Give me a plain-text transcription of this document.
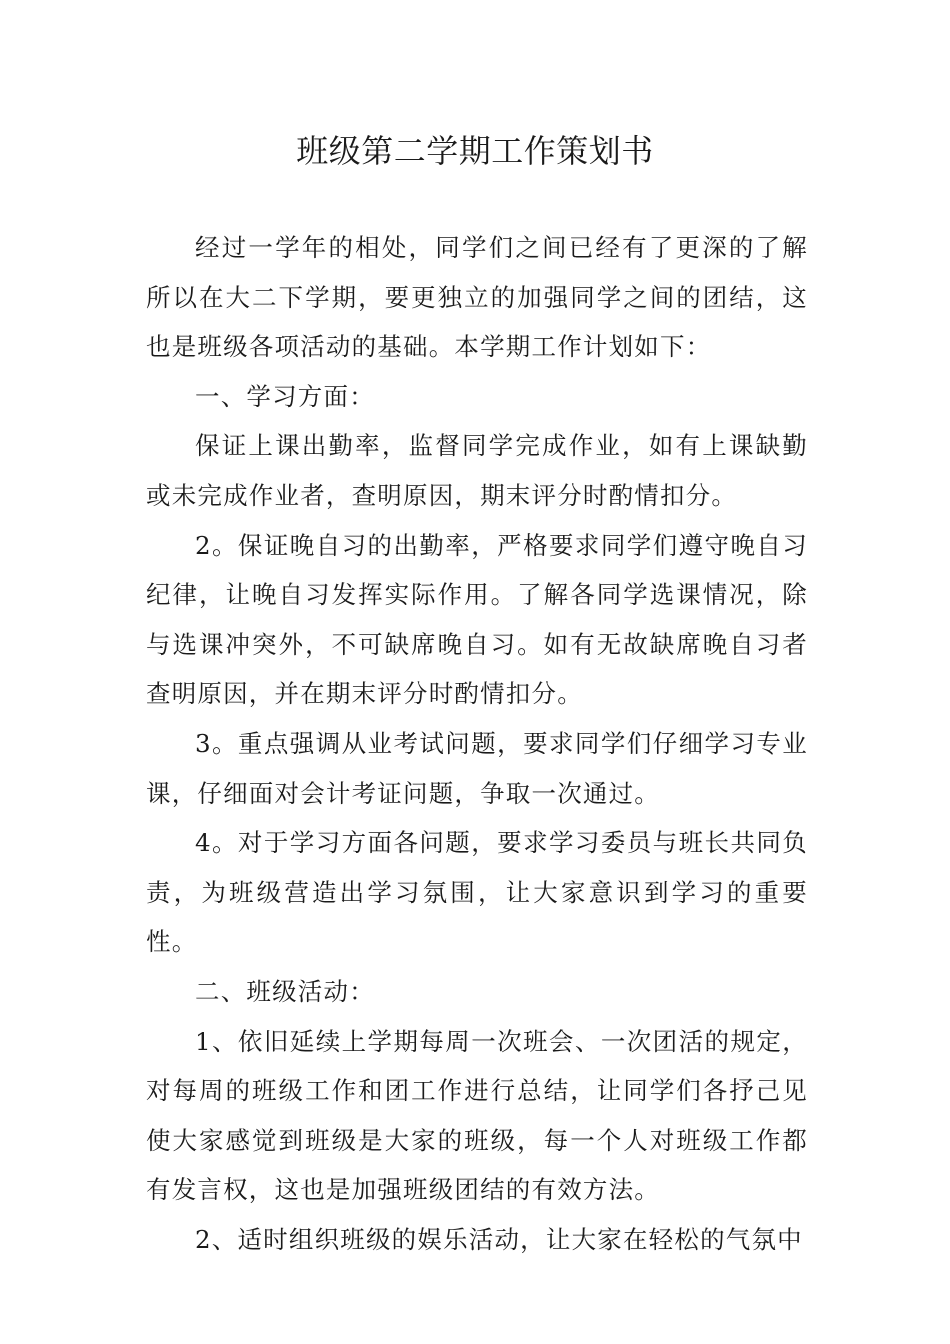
班级第二学期工作策划书

经过一学年的相处，同学们之间已经有了更深的了解所以在大二下学期，要更独立的加强同学之间的团结，这也是班级各项活动的基础。本学期工作计划如下：

一、学习方面：

保证上课出勤率，监督同学完成作业，如有上课缺勤或未完成作业者，查明原因，期末评分时酌情扣分。

2。保证晚自习的出勤率，严格要求同学们遵守晚自习纪律，让晚自习发挥实际作用。了解各同学选课情况，除与选课冲突外，不可缺席晚自习。如有无故缺席晚自习者查明原因，并在期末评分时酌情扣分。

3。重点强调从业考试问题，要求同学们仔细学习专业课，仔细面对会计考证问题，争取一次通过。

4。对于学习方面各问题，要求学习委员与班长共同负责，为班级营造出学习氛围，让大家意识到学习的重要性。

二、班级活动：

1、依旧延续上学期每周一次班会、一次团活的规定，对每周的班级工作和团工作进行总结，让同学们各抒己见使大家感觉到班级是大家的班级，每一个人对班级工作都有发言权，这也是加强班级团结的有效方法。

2、适时组织班级的娱乐活动，让大家在轻松的气氛中
